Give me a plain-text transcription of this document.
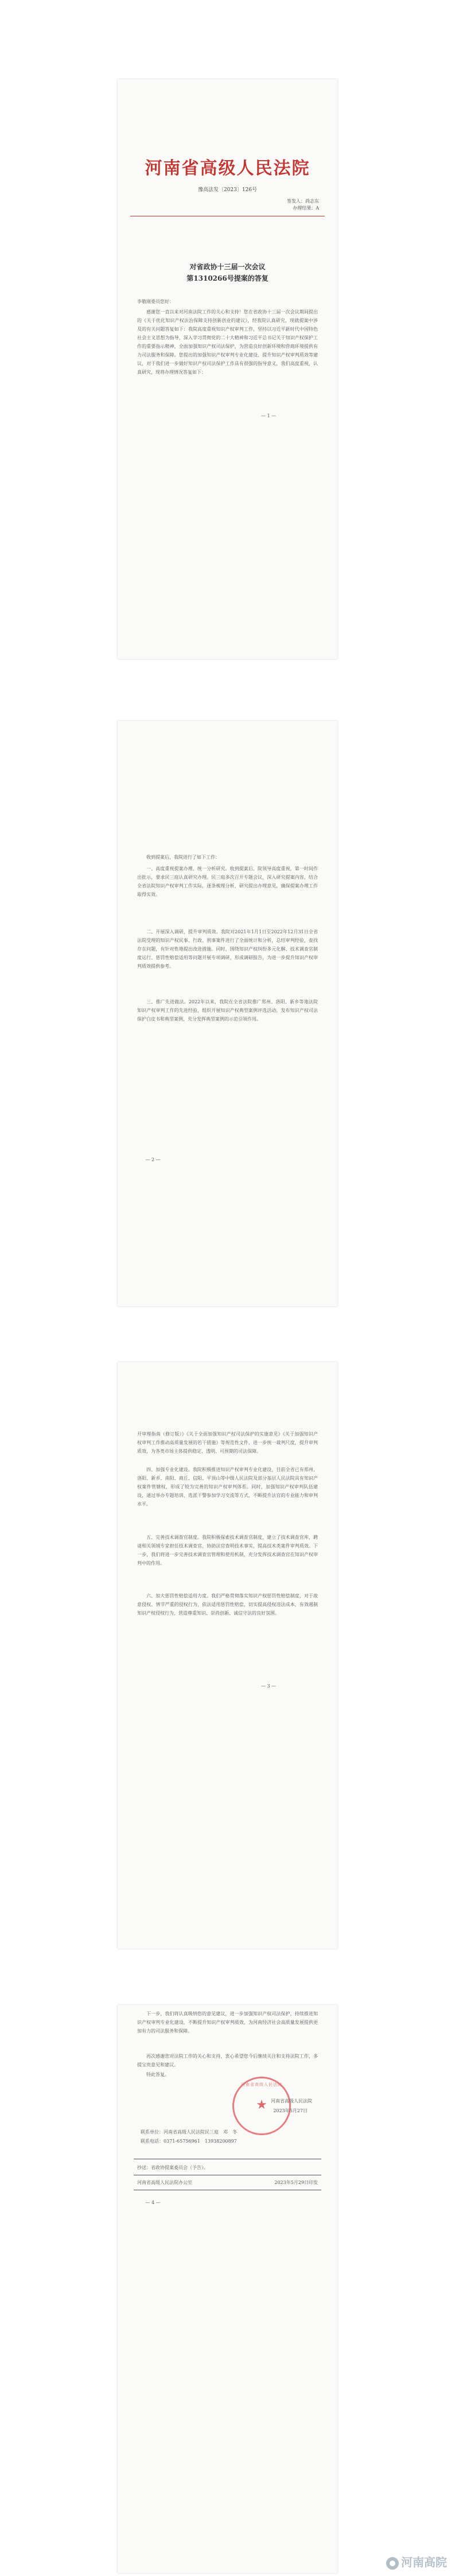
河南省高级人民法院
豫高法发〔2023〕126号
签发人：尚志东
办理结果：A
对省政协十三届一次会议
第1310266号提案的答复
李敬刚委员您好：
感谢您一直以来对河南法院工作的关心和支持！您在省政协十三届一次会议期间提出的《关于优化知识产权法治保障支持创新创业的建议》，经我院认真研究，现就提案中涉及的有关问题答复如下：我院高度重视知识产权审判工作，坚持以习近平新时代中国特色社会主义思想为指导，深入学习贯彻党的二十大精神和习近平总书记关于知识产权保护工作的重要指示精神，全面加强知识产权司法保护，为营造良好创新环境和营商环境提供有力司法服务和保障。您提出的加强知识产权审判专业化建设、提升知识产权审判质效等建议，对于我们进一步做好知识产权司法保护工作具有很强的指导意义，我们高度重视，认真研究，现将办理情况答复如下：
— 1 —
收到提案后，我院进行了如下工作：
一、高度重视提案办理，统一分析研究。收到提案后，院领导高度重视，第一时间作出批示，要求民三庭认真研究办理。民三庭多次召开专题会议，深入研究提案内容，结合全省法院知识产权审判工作实际，逐条梳理分析，研究提出办理意见，确保提案办理工作取得实效。
二、开展深入调研，提升审判质效。我院对2021年1月1日至2022年12月31日全省法院受理的知识产权民事、行政、刑事案件进行了全面统计和分析，总结审判经验，查找存在问题，有针对性地提出改进措施。同时，围绕知识产权纠纷多元化解、技术调查官制度运行、惩罚性赔偿适用等问题开展专项调研，形成调研报告，为进一步提升知识产权审判质效提供参考。
三、推广先进做法。2022年以来，我院在全省法院推广郑州、洛阳、新乡等地法院知识产权审判工作的先进经验，组织开展知识产权典型案例评选活动，发布知识产权司法保护白皮书和典型案例，充分发挥典型案例的示范引领作用。
— 2 —
开审理指南（修订版）》《关于全面加强知识产权司法保护的实施意见》《关于加强知识产权审判工作推动高质量发展的若干措施》等规范性文件，进一步统一裁判尺度，提升审判质效，为各类市场主体提供稳定、透明、可预期的司法保障。
四、加强专业化建设。我院积极推进知识产权审判专业化建设，目前全省已有郑州、洛阳、新乡、南阳、商丘、信阳、平顶山等中级人民法院及部分基层人民法院具有知识产权案件管辖权，形成了较为完善的知识产权审判体系。同时，加强知识产权审判队伍建设，通过举办专题培训、选派干警参加学习交流等方式，不断提升法官的专业能力和审判水平。
五、完善技术调查官制度。我院积极探索技术调查官制度，建立了技术调查官库，聘请相关领域专家担任技术调查官，协助法官查明技术事实，提高技术类案件审判质效。下一步，我们将进一步完善技术调查官管理和使用机制，充分发挥技术调查官在知识产权审判中的作用。
六、加大惩罚性赔偿适用力度。我们严格贯彻落实知识产权惩罚性赔偿制度，对于故意侵权、情节严重的侵权行为，依法适用惩罚性赔偿，切实提高侵权违法成本，有效遏制知识产权侵权行为，营造尊重知识、崇尚创新、诚信守法的良好氛围。
— 3 —
下一步，我们将认真吸纳您的意见建议，进一步加强知识产权司法保护，持续推进知识产权审判专业化建设，不断提升知识产权审判质效，为河南经济社会高质量发展提供更加有力的司法服务和保障。
再次感谢您对法院工作的关心和支持，衷心希望您今后继续关注和支持法院工作，多提宝贵意见和建议。
特此答复。
河南省高级人民法院
★ 河南省高级人民法院
2023年5月27日
联系单位：河南省高级人民法院民三庭　邓　冬
联系电话：0371-65756961　13938200897
抄送：省政协提案委员会（予告）。
河南省高级人民法院办公室	2023年5月29日印发
— 4 —
河南高院
